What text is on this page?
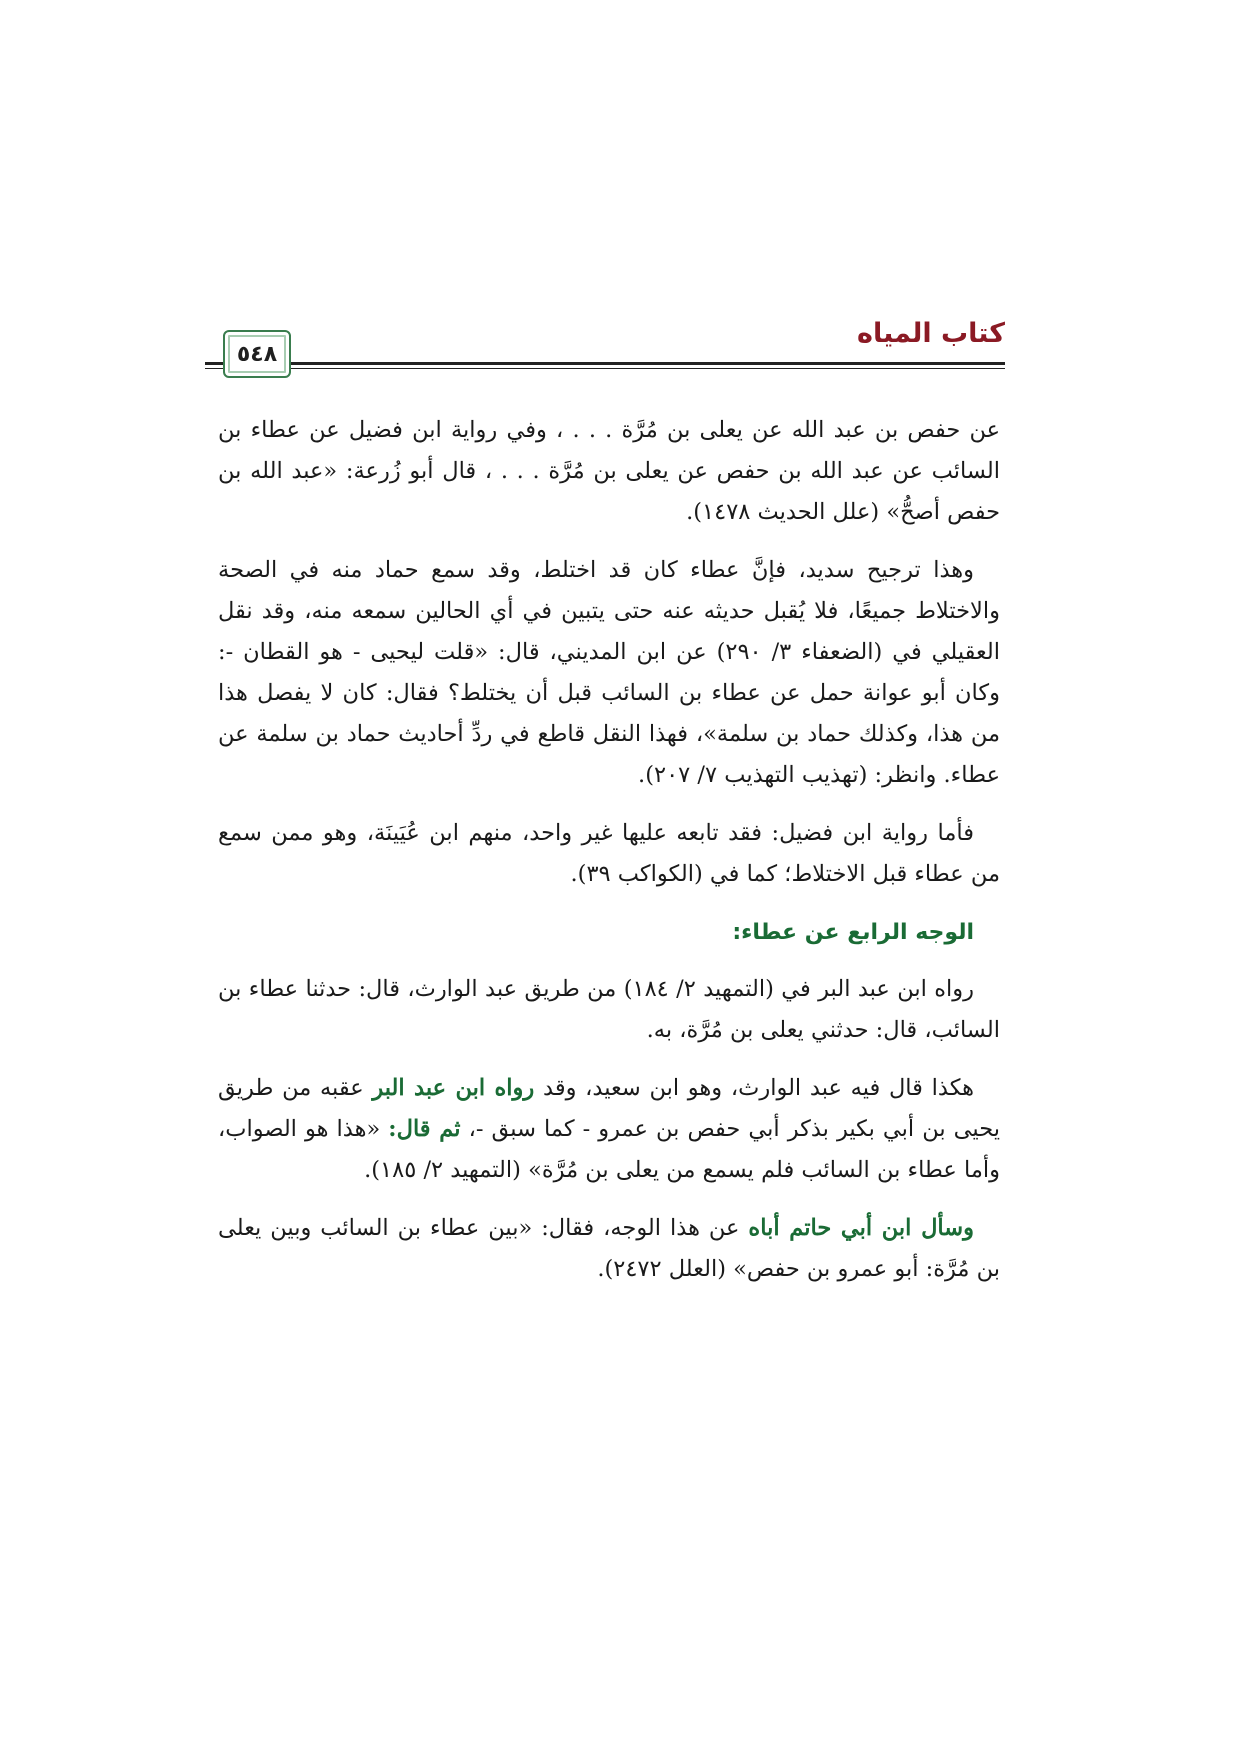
كتاب المياه
٥٤٨

عن حفص بن عبد الله عن يعلى بن مُرَّة . . . ، وفي رواية ابن فضيل عن عطاء بن السائب عن عبد الله بن حفص عن يعلى بن مُرَّة . . . ، قال أبو زُرعة: «عبد الله بن حفص أصحُّ» (علل الحديث ١٤٧٨).

وهذا ترجيح سديد، فإنَّ عطاء كان قد اختلط، وقد سمع حماد منه في الصحة والاختلاط جميعًا، فلا يُقبل حديثه عنه حتى يتبين في أي الحالين سمعه منه، وقد نقل العقيلي في (الضعفاء ٣/ ٢٩٠) عن ابن المديني، قال: «قلت ليحيى - هو القطان -: وكان أبو عوانة حمل عن عطاء بن السائب قبل أن يختلط؟ فقال: كان لا يفصل هذا من هذا، وكذلك حماد بن سلمة»، فهذا النقل قاطع في ردِّ أحاديث حماد بن سلمة عن عطاء. وانظر: (تهذيب التهذيب ٧/ ٢٠٧).

فأما رواية ابن فضيل: فقد تابعه عليها غير واحد، منهم ابن عُيَينَة، وهو ممن سمع من عطاء قبل الاختلاط؛ كما في (الكواكب ٣٩).

الوجه الرابع عن عطاء:

رواه ابن عبد البر في (التمهيد ٢/ ١٨٤) من طريق عبد الوارث، قال: حدثنا عطاء بن السائب، قال: حدثني يعلى بن مُرَّة، به.

هكذا قال فيه عبد الوارث، وهو ابن سعيد، وقد رواه ابن عبد البر عقبه من طريق يحيى بن أبي بكير بذكر أبي حفص بن عمرو - كما سبق -، ثم قال: «هذا هو الصواب، وأما عطاء بن السائب فلم يسمع من يعلى بن مُرَّة» (التمهيد ٢/ ١٨٥).

وسأل ابن أبي حاتم أباه عن هذا الوجه، فقال: «بين عطاء بن السائب وبين يعلى بن مُرَّة: أبو عمرو بن حفص» (العلل ٢٤٧٢).
